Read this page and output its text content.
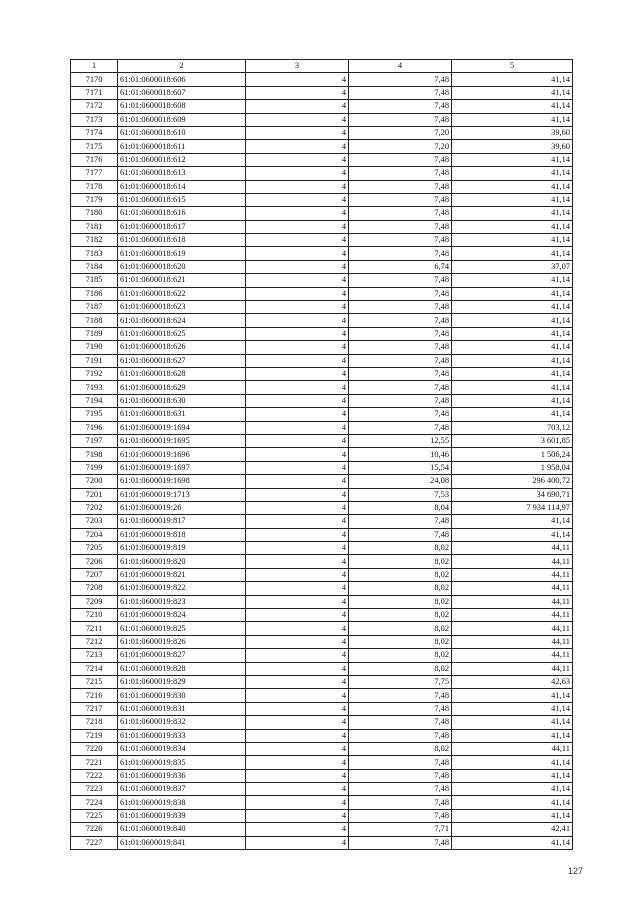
1	2	3	4	5
7170	61:01:0600018:606	4	7,48	41,14
7171	61:01:0600018:607	4	7,48	41,14
7172	61:01:0600018:608	4	7,48	41,14
7173	61:01:0600018:609	4	7,48	41,14
7174	61:01:0600018:610	4	7,20	39,60
7175	61:01:0600018:611	4	7,20	39,60
7176	61:01:0600018:612	4	7,48	41,14
7177	61:01:0600018:613	4	7,48	41,14
7178	61:01:0600018:614	4	7,48	41,14
7179	61:01:0600018:615	4	7,48	41,14
7180	61:01:0600018:616	4	7,48	41,14
7181	61:01:0600018:617	4	7,48	41,14
7182	61:01:0600018:618	4	7,48	41,14
7183	61:01:0600018:619	4	7,48	41,14
7184	61:01:0600018:620	4	6,74	37,07
7185	61:01:0600018:621	4	7,48	41,14
7186	61:01:0600018:622	4	7,48	41,14
7187	61:01:0600018:623	4	7,48	41,14
7188	61:01:0600018:624	4	7,48	41,14
7189	61:01:0600018:625	4	7,48	41,14
7190	61:01:0600018:626	4	7,48	41,14
7191	61:01:0600018:627	4	7,48	41,14
7192	61:01:0600018:628	4	7,48	41,14
7193	61:01:0600018:629	4	7,48	41,14
7194	61:01:0600018:630	4	7,48	41,14
7195	61:01:0600018:631	4	7,48	41,14
7196	61:01:0600019:1694	4	7,48	703,12
7197	61:01:0600019:1695	4	12,55	3 601,85
7198	61:01:0600019:1696	4	10,46	1 506,24
7199	61:01:0600019:1697	4	15,54	1 958,04
7200	61:01:0600019:1698	4	24,08	296 400,72
7201	61:01:0600019:1713	4	7,53	34 690,71
7202	61:01:0600019:26	4	8,04	7 934 114,97
7203	61:01:0600019:817	4	7,48	41,14
7204	61:01:0600019:818	4	7,48	41,14
7205	61:01:0600019:819	4	8,02	44,11
7206	61:01:0600019:820	4	8,02	44,11
7207	61:01:0600019:821	4	8,02	44,11
7208	61:01:0600019:822	4	8,02	44,11
7209	61:01:0600019:823	4	8,02	44,11
7210	61:01:0600019:824	4	8,02	44,11
7211	61:01:0600019:825	4	8,02	44,11
7212	61:01:0600019:826	4	8,02	44,11
7213	61:01:0600019:827	4	8,02	44,11
7214	61:01:0600019:828	4	8,02	44,11
7215	61:01:0600019:829	4	7,75	42,63
7216	61:01:0600019:830	4	7,48	41,14
7217	61:01:0600019:831	4	7,48	41,14
7218	61:01:0600019:832	4	7,48	41,14
7219	61:01:0600019:833	4	7,48	41,14
7220	61:01:0600019:834	4	8,02	44,11
7221	61:01:0600019:835	4	7,48	41,14
7222	61:01:0600019:836	4	7,48	41,14
7223	61:01:0600019:837	4	7,48	41,14
7224	61:01:0600019:838	4	7,48	41,14
7225	61:01:0600019:839	4	7,48	41,14
7226	61:01:0600019:840	4	7,71	42,41
7227	61:01:0600019:841	4	7,48	41,14
127
